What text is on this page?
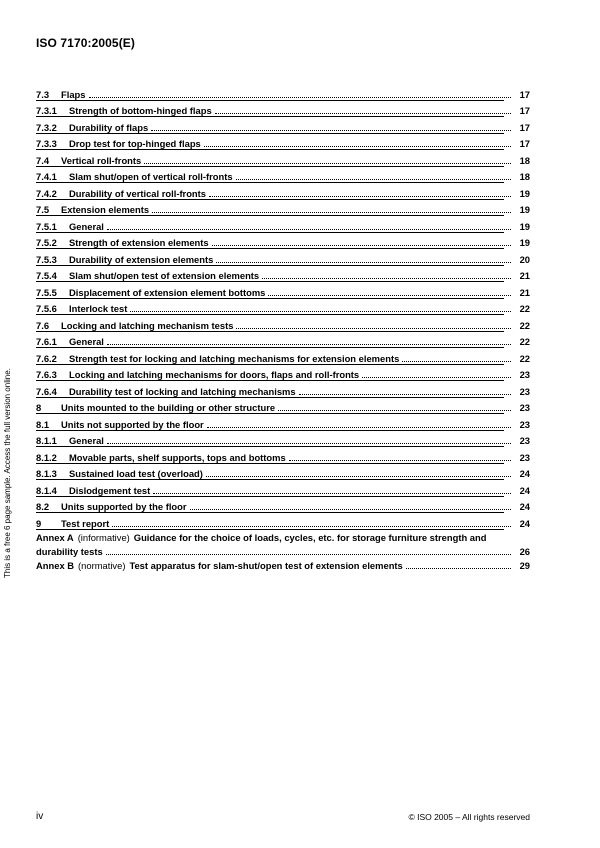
ISO 7170:2005(E)
This is a free 6 page sample. Access the full version online.
7.3	Flaps	17
7.3.1	Strength of bottom-hinged flaps	17
7.3.2	Durability of flaps	17
7.3.3	Drop test for top-hinged flaps	17
7.4	Vertical roll-fronts	18
7.4.1	Slam shut/open of vertical roll-fronts	18
7.4.2	Durability of vertical roll-fronts	19
7.5	Extension elements	19
7.5.1	General	19
7.5.2	Strength of extension elements	19
7.5.3	Durability of extension elements	20
7.5.4	Slam shut/open test of extension elements	21
7.5.5	Displacement of extension element bottoms	21
7.5.6	Interlock test	22
7.6	Locking and latching mechanism tests	22
7.6.1	General	22
7.6.2	Strength test for locking and latching mechanisms for extension elements	22
7.6.3	Locking and latching mechanisms for doors, flaps and roll-fronts	23
7.6.4	Durability test of locking and latching mechanisms	23
8	Units mounted to the building or other structure	23
8.1	Units not supported by the floor	23
8.1.1	General	23
8.1.2	Movable parts, shelf supports, tops and bottoms	23
8.1.3	Sustained load test (overload)	24
8.1.4	Dislodgement test	24
8.2	Units supported by the floor	24
9	Test report	24
Annex A (informative) Guidance for the choice of loads, cycles, etc. for storage furniture strength and
durability tests	26
Annex B (normative) Test apparatus for slam-shut/open test of extension elements	29
iv	© ISO 2005 – All rights reserved
